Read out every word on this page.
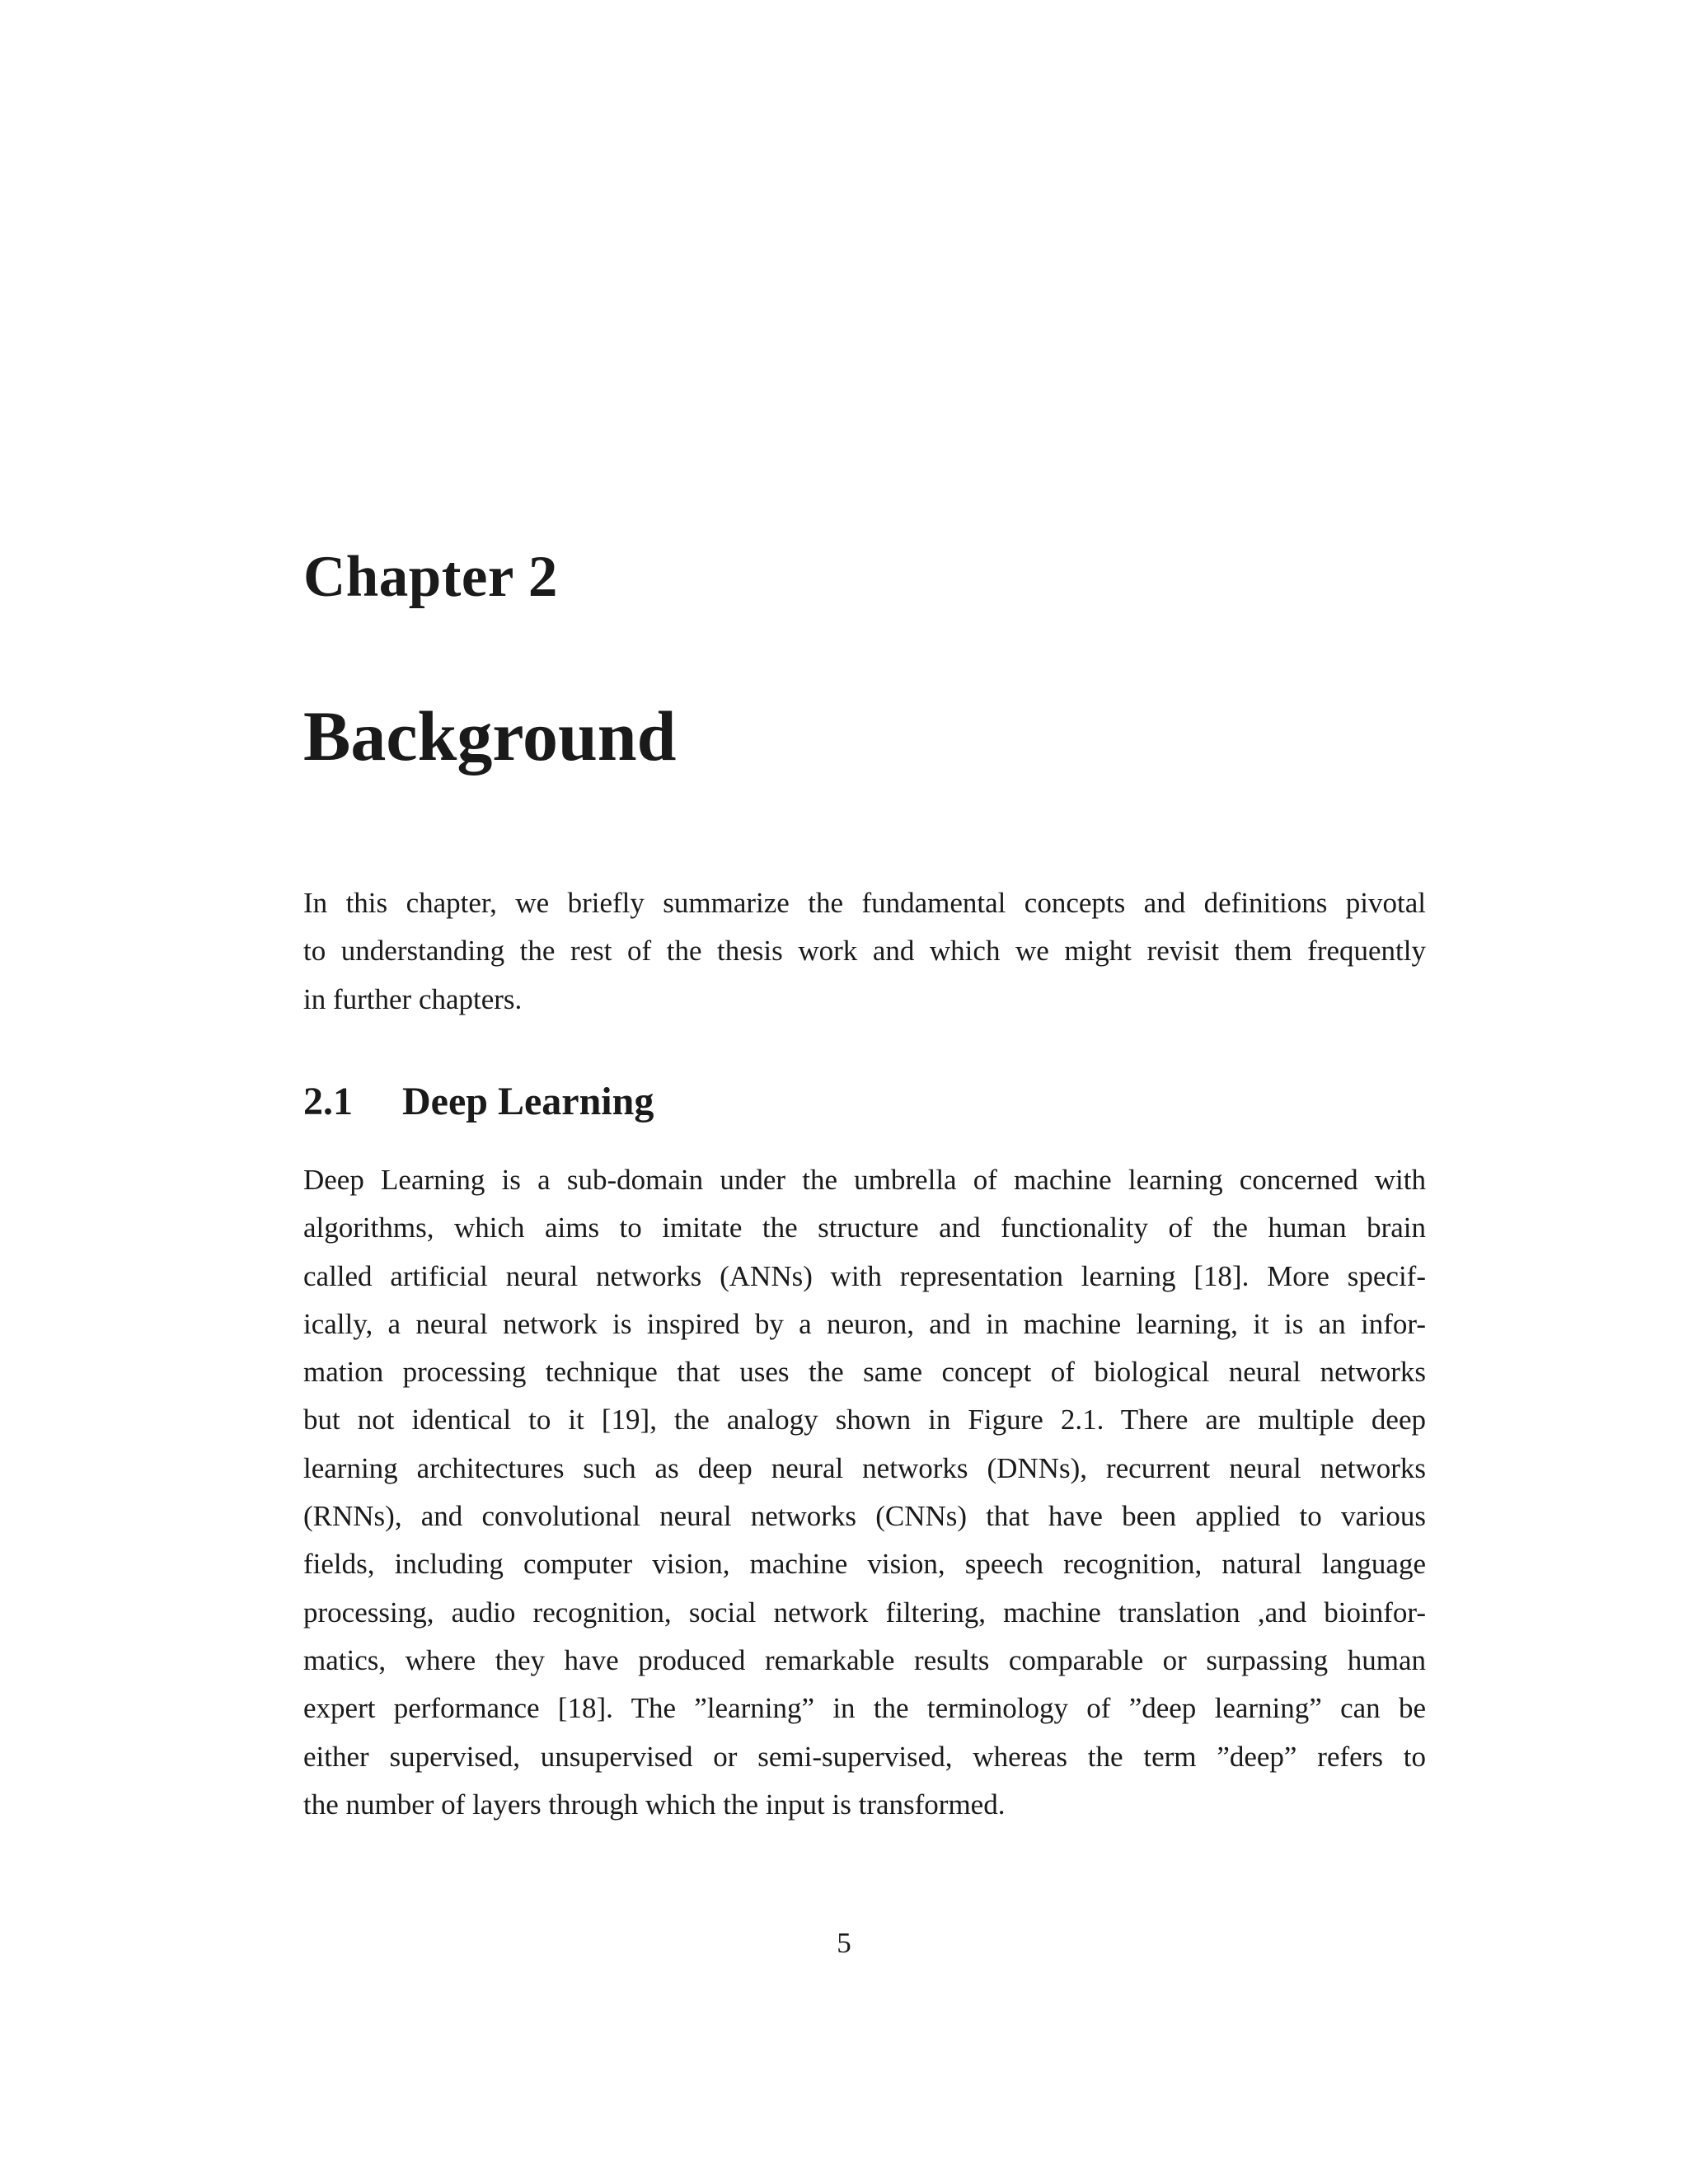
Chapter 2
Background
In this chapter, we briefly summarize the fundamental concepts and definitions pivotal
to understanding the rest of the thesis work and which we might revisit them frequently
in further chapters.
2.1 Deep Learning
Deep Learning is a sub-domain under the umbrella of machine learning concerned with
algorithms, which aims to imitate the structure and functionality of the human brain
called artificial neural networks (ANNs) with representation learning [18]. More specif-
ically, a neural network is inspired by a neuron, and in machine learning, it is an infor-
mation processing technique that uses the same concept of biological neural networks
but not identical to it [19], the analogy shown in Figure 2.1. There are multiple deep
learning architectures such as deep neural networks (DNNs), recurrent neural networks
(RNNs), and convolutional neural networks (CNNs) that have been applied to various
fields, including computer vision, machine vision, speech recognition, natural language
processing, audio recognition, social network filtering, machine translation ,and bioinfor-
matics, where they have produced remarkable results comparable or surpassing human
expert performance [18]. The ”learning” in the terminology of ”deep learning” can be
either supervised, unsupervised or semi-supervised, whereas the term ”deep” refers to
the number of layers through which the input is transformed.
5
